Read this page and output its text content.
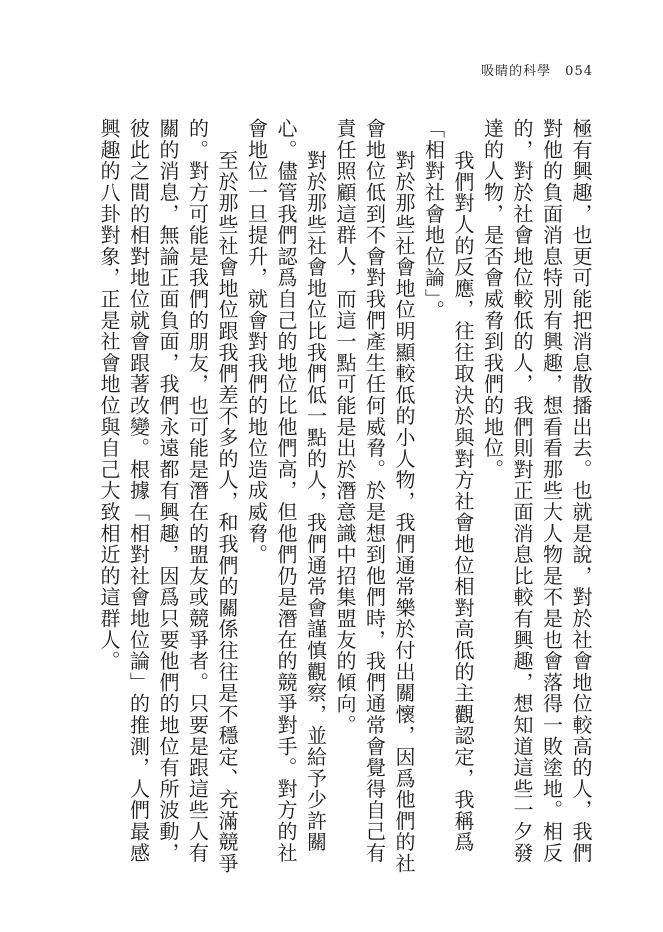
吸睛的科學 054

極有興趣，也更可能把消息散播出去。也就是說，對於社會地位較高的人，我們對他的負面消息特別有興趣，想看看那些大人物是不是也會落得一敗塗地。相反的，對於社會地位較低的人，我們則對正面消息比較有興趣，想知道這些一夕發達的人物，是否會威脅到我們的地位。

我們對人的反應，往往取決於與對方社會地位相對高低的主觀認定，我稱爲「相對社會地位論」。

對於那些社會地位明顯較低的小人物，我們通常樂於付出關懷，因爲他們的社會地位低到不會對我們產生任何威脅。於是想到他們時，我們通常會覺得自己有責任照顧這群人，而這一點可能是出於潛意識中招集盟友的傾向。

對於那些社會地位比我們低一點的人，我們通常會謹慎觀察，並給予少許關心。儘管我們認爲自己的地位比他們高，但他們仍是潛在的競爭對手。對方的社會地位一旦提升，就會對我們的地位造成威脅。

至於那些社會地位跟我們差不多的人，和我們的關係往往是不穩定、充滿競爭的。對方可能是我們的朋友，也可能是潛在的盟友或競爭者。只要是跟這些人有關的消息，無論正面負面，我們永遠都有興趣，因爲只要他們的地位有所波動，彼此之間的相對地位就會跟著改變。根據「相對社會地位論」的推測，人們最感興趣的八卦對象，正是社會地位與自己大致相近的這群人。
